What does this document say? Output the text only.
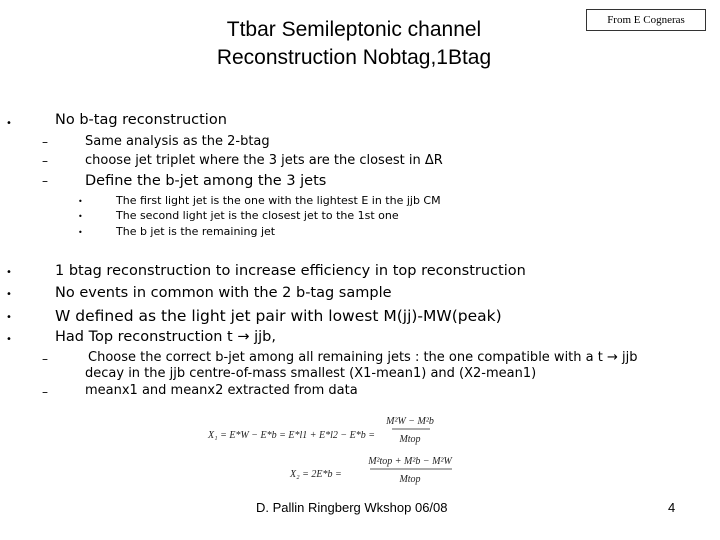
Ttbar Semileptonic channel
Reconstruction Nobtag,1Btag
From E Cogneras
•	No b-tag reconstruction
–	Same analysis as the 2-btag
–	choose jet triplet where the 3 jets are the closest in ΔR
–	Define the b-jet among the 3 jets
•	The first light jet is the one with the lightest E in the jjb CM
•	The second light jet is the closest jet to the 1st one
•	The b jet is the remaining jet
•	1 btag reconstruction to increase efficiency in top reconstruction
•	No events in common with the 2 b-tag sample
•	W defined as the light jet pair with lowest M(jj)-MW(peak)
•	Had Top reconstruction t → jjb,
–	Choose the correct b-jet among all remaining jets : the one compatible with a t → jjb
decay in the jjb centre-of-mass smallest (X1-mean1) and (X2-mean1)
–	meanx1 and meanx2 extracted from data
X₁ = E*W − E*b = E*l1 + E*l2 − E*b =
M²W − M²b
Mtop
X₂ = 2E*b =
M²top + M²b − M²W
Mtop
D. Pallin Ringberg Wkshop 06/08	4
